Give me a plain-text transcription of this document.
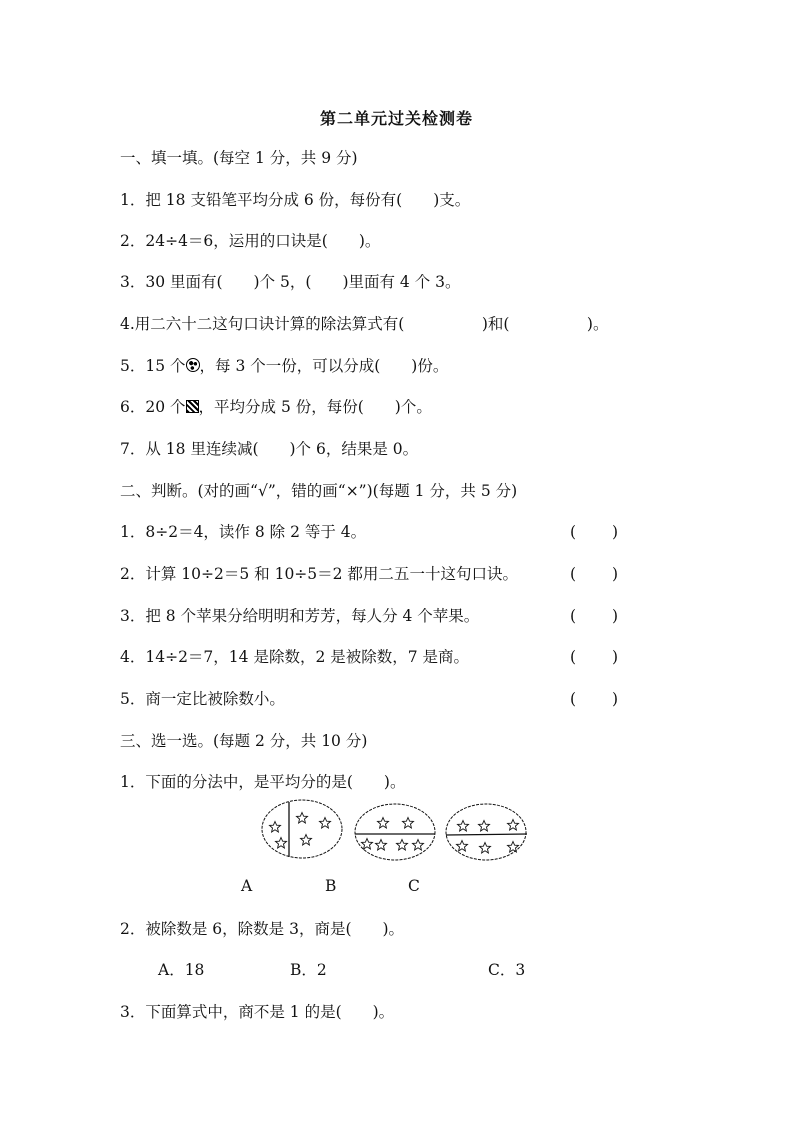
第二单元过关检测卷
一、填一填。(每空 1 分，共 9 分)
1．把 18 支铅笔平均分成 6 份，每份有(　　)支。
2．24÷4＝6，运用的口诀是(　　)。
3．30 里面有(　　)个 5，(　　)里面有 4 个 3。
4.用二六十二这句口诀计算的除法算式有(　　　　　)和(　　　　　)。
5．15 个 ，每 3 个一份，可以分成(　　)份。
6．20 个 ，平均分成 5 份，每份(　　)个。
7．从 18 里连续减(　　)个 6，结果是 0。
二、判断。(对的画“√”，错的画“×”)(每题 1 分，共 5 分)
1．8÷2＝4，读作 8 除 2 等于 4。	(　　 )
2．计算 10÷2＝5 和 10÷5＝2 都用二五一十这句口诀。	(　　 )
3．把 8 个苹果分给明明和芳芳，每人分 4 个苹果。	(　　 )
4．14÷2＝7，14 是除数，2 是被除数，7 是商。	(　　 )
5．商一定比被除数小。	(　　 )
三、选一选。(每题 2 分，共 10 分)
1．下面的分法中，是平均分的是(　　)。
A	B	C
2．被除数是 6，除数是 3，商是(　　)。
A．18	B．2	C．3
3．下面算式中，商不是 1 的是(　　)。
